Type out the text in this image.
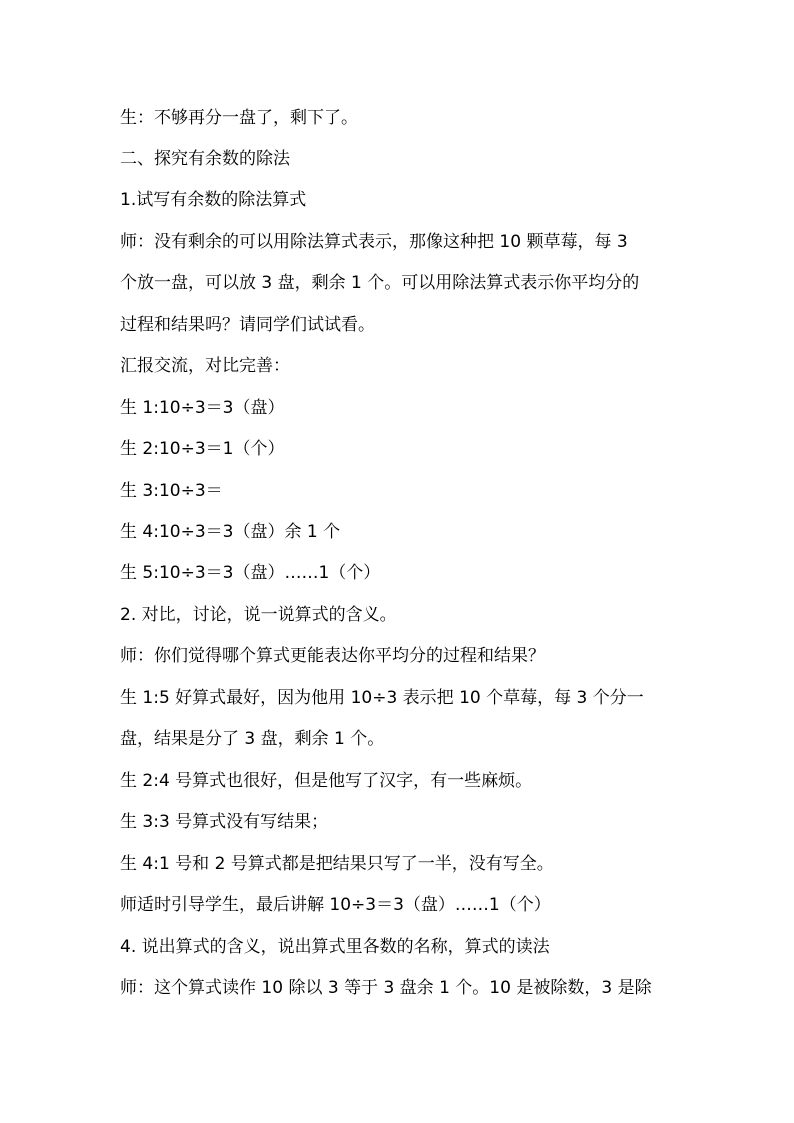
生：不够再分一盘了，剩下了。
二、探究有余数的除法
1.试写有余数的除法算式
师：没有剩余的可以用除法算式表示，那像这种把 10 颗草莓，每 3
个放一盘，可以放 3 盘，剩余 1 个。可以用除法算式表示你平均分的
过程和结果吗？请同学们试试看。
汇报交流，对比完善：
生 1:10÷3＝3（盘）
生 2:10÷3＝1（个）
生 3:10÷3＝
生 4:10÷3＝3（盘）余 1 个
生 5:10÷3＝3（盘）……1（个）
2. 对比，讨论，说一说算式的含义。
师：你们觉得哪个算式更能表达你平均分的过程和结果？
生 1:5 好算式最好，因为他用 10÷3 表示把 10 个草莓，每 3 个分一
盘，结果是分了 3 盘，剩余 1 个。
生 2:4 号算式也很好，但是他写了汉字，有一些麻烦。
生 3:3 号算式没有写结果；
生 4:1 号和 2 号算式都是把结果只写了一半，没有写全。
师适时引导学生，最后讲解 10÷3＝3（盘）……1（个）
4. 说出算式的含义，说出算式里各数的名称，算式的读法
师：这个算式读作 10 除以 3 等于 3 盘余 1 个。10 是被除数，3 是除
